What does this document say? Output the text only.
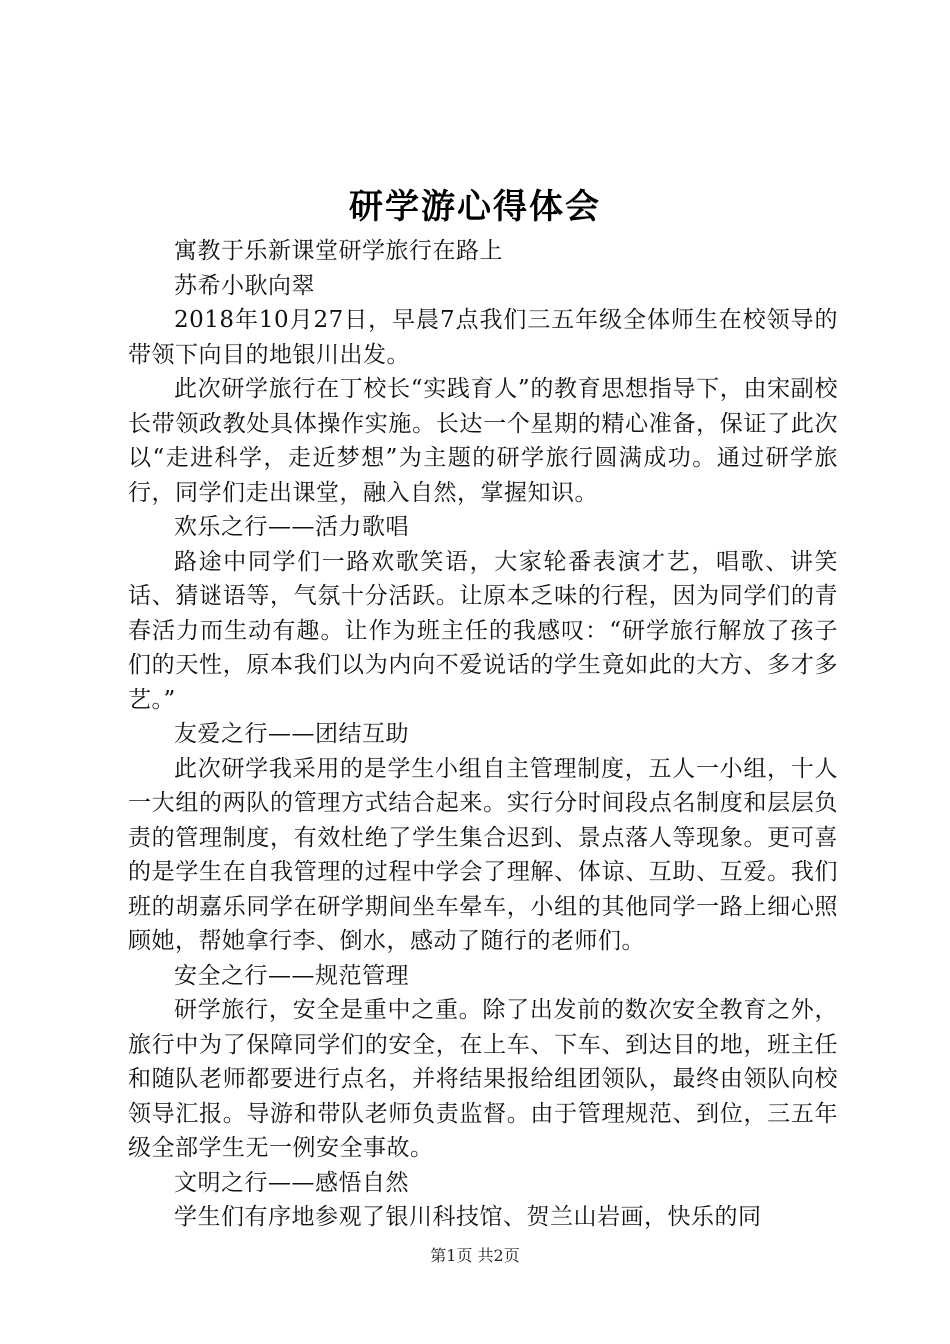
研学游心得体会

寓教于乐新课堂研学旅行在路上

苏希小耿向翠

2018年10月27日，早晨7点我们三五年级全体师生在校领导的带领下向目的地银川出发。

此次研学旅行在丁校长“实践育人”的教育思想指导下，由宋副校长带领政教处具体操作实施。长达一个星期的精心准备，保证了此次以“走进科学，走近梦想”为主题的研学旅行圆满成功。通过研学旅行，同学们走出课堂，融入自然，掌握知识。

欢乐之行——活力歌唱

路途中同学们一路欢歌笑语，大家轮番表演才艺，唱歌、讲笑话、猜谜语等，气氛十分活跃。让原本乏味的行程，因为同学们的青春活力而生动有趣。让作为班主任的我感叹：“研学旅行解放了孩子们的天性，原本我们以为内向不爱说话的学生竟如此的大方、多才多艺。”

友爱之行——团结互助

此次研学我采用的是学生小组自主管理制度，五人一小组，十人一大组的两队的管理方式结合起来。实行分时间段点名制度和层层负责的管理制度，有效杜绝了学生集合迟到、景点落人等现象。更可喜的是学生在自我管理的过程中学会了理解、体谅、互助、互爱。我们班的胡嘉乐同学在研学期间坐车晕车，小组的其他同学一路上细心照顾她，帮她拿行李、倒水，感动了随行的老师们。

安全之行——规范管理

研学旅行，安全是重中之重。除了出发前的数次安全教育之外，旅行中为了保障同学们的安全，在上车、下车、到达目的地，班主任和随队老师都要进行点名，并将结果报给组团领队，最终由领队向校领导汇报。导游和带队老师负责监督。由于管理规范、到位，三五年级全部学生无一例安全事故。

文明之行——感悟自然

学生们有序地参观了银川科技馆、贺兰山岩画，快乐的同

第1页 共2页
